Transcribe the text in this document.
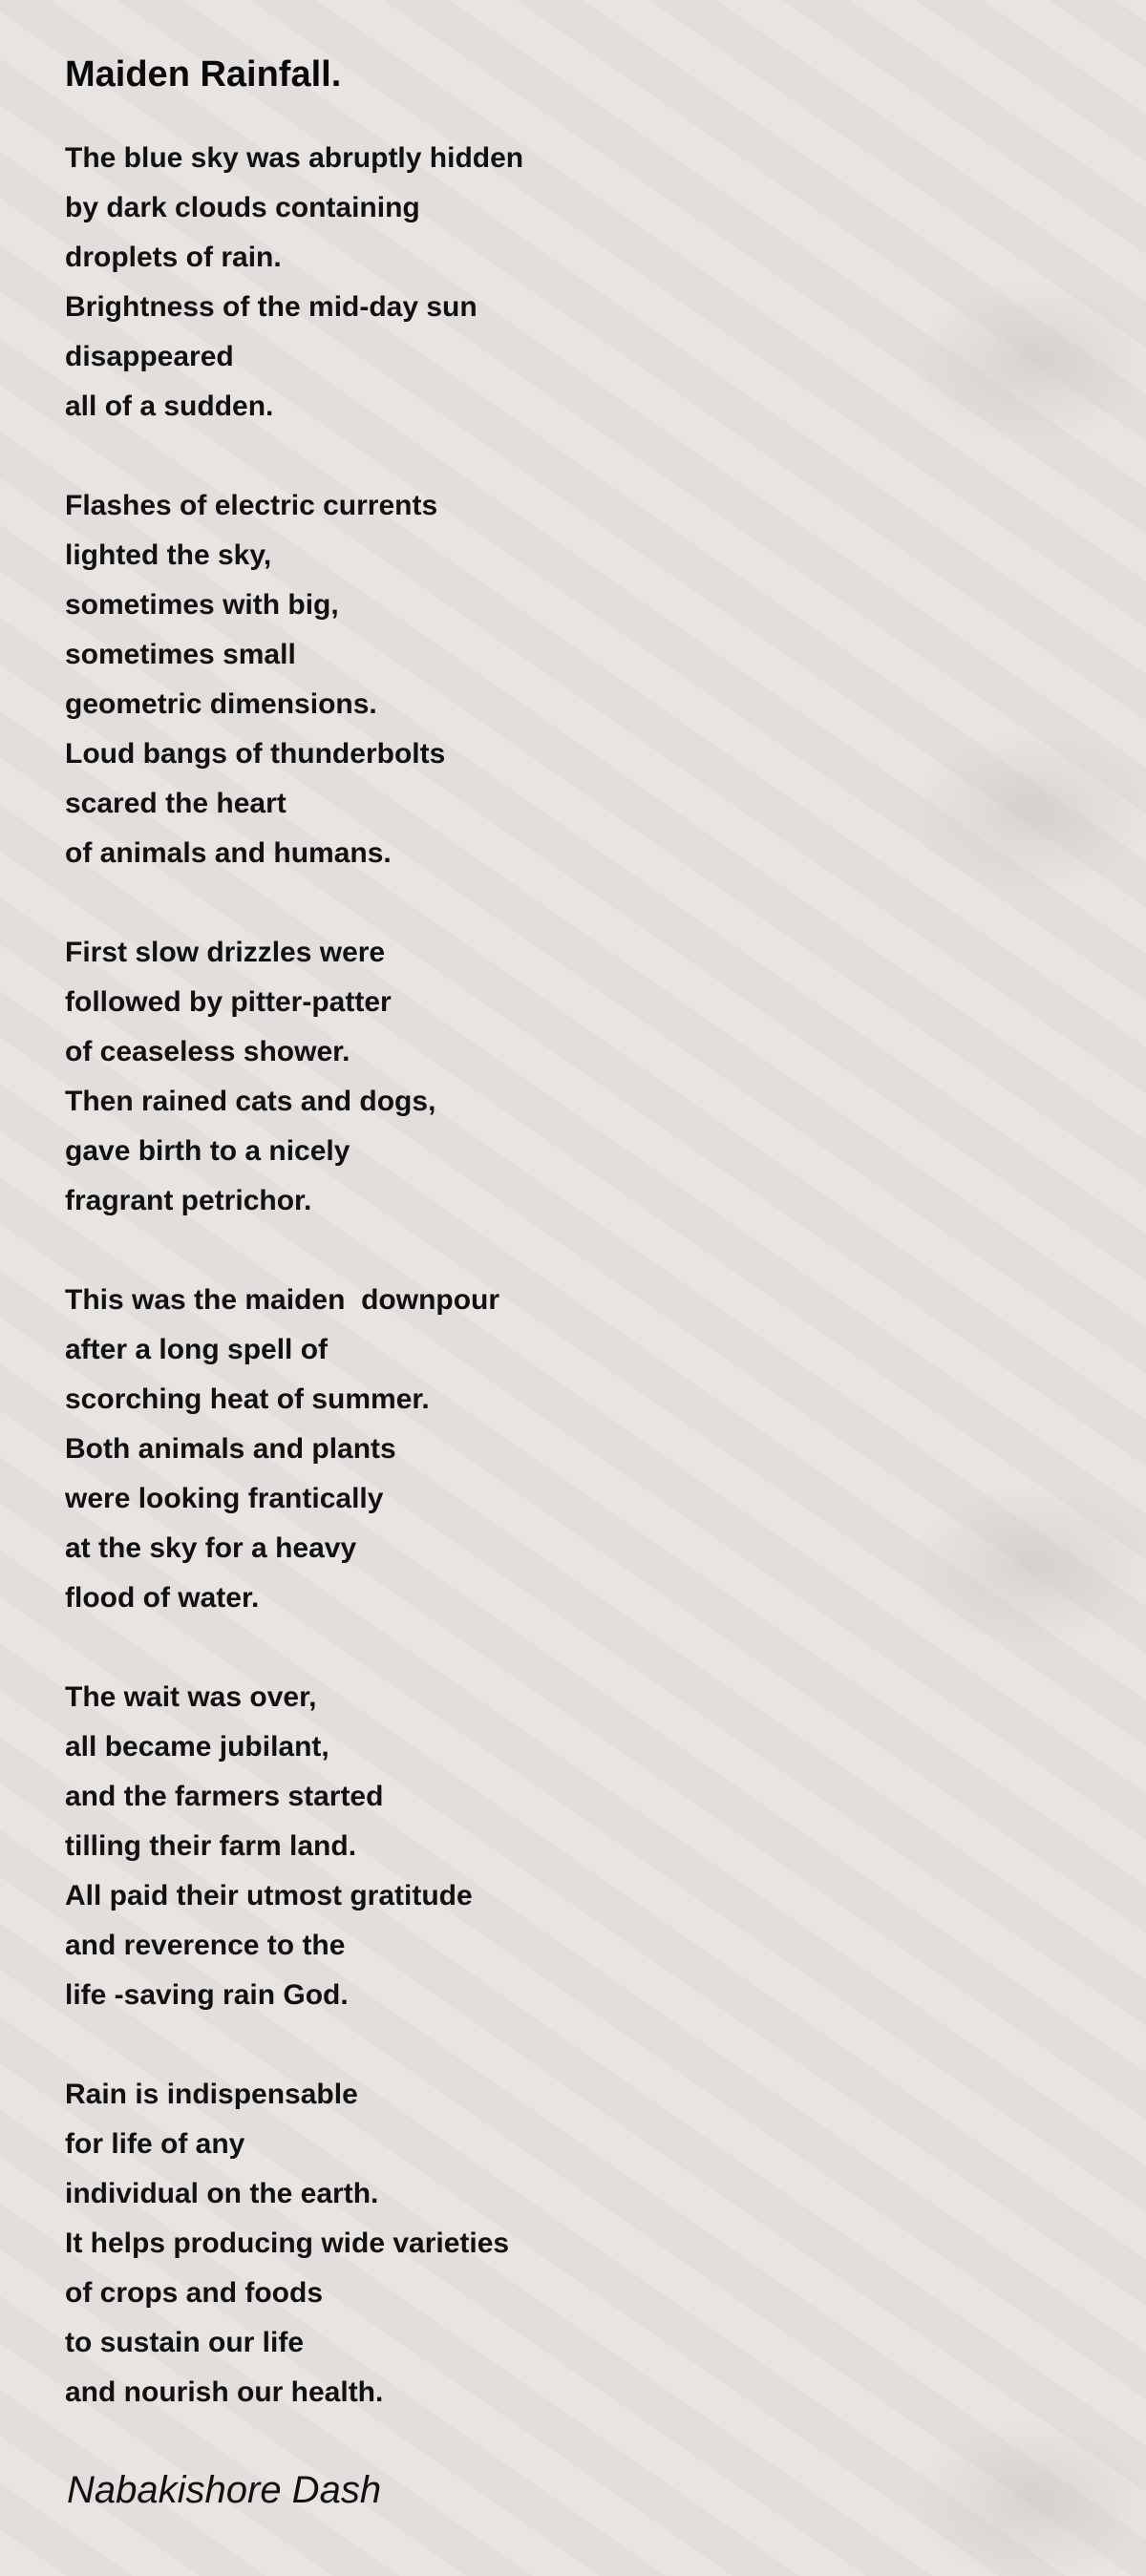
Maiden Rainfall.
The blue sky was abruptly hidden
by dark clouds containing
droplets of rain.
Brightness of the mid-day sun
disappeared
all of a sudden.
Flashes of electric currents
lighted the sky,
sometimes with big,
sometimes small
geometric dimensions.
Loud bangs of thunderbolts
scared the heart
of animals and humans.
First slow drizzles were
followed by pitter-patter
of ceaseless shower.
Then rained cats and dogs,
gave birth to a nicely
fragrant petrichor.
This was the maiden  downpour
after a long spell of
scorching heat of summer.
Both animals and plants
were looking frantically
at the sky for a heavy
flood of water.
The wait was over,
all became jubilant,
and the farmers started
tilling their farm land.
All paid their utmost gratitude
and reverence to the
life -saving rain God.
Rain is indispensable
for life of any
individual on the earth.
It helps producing wide varieties
of crops and foods
to sustain our life
and nourish our health.
Nabakishore Dash
